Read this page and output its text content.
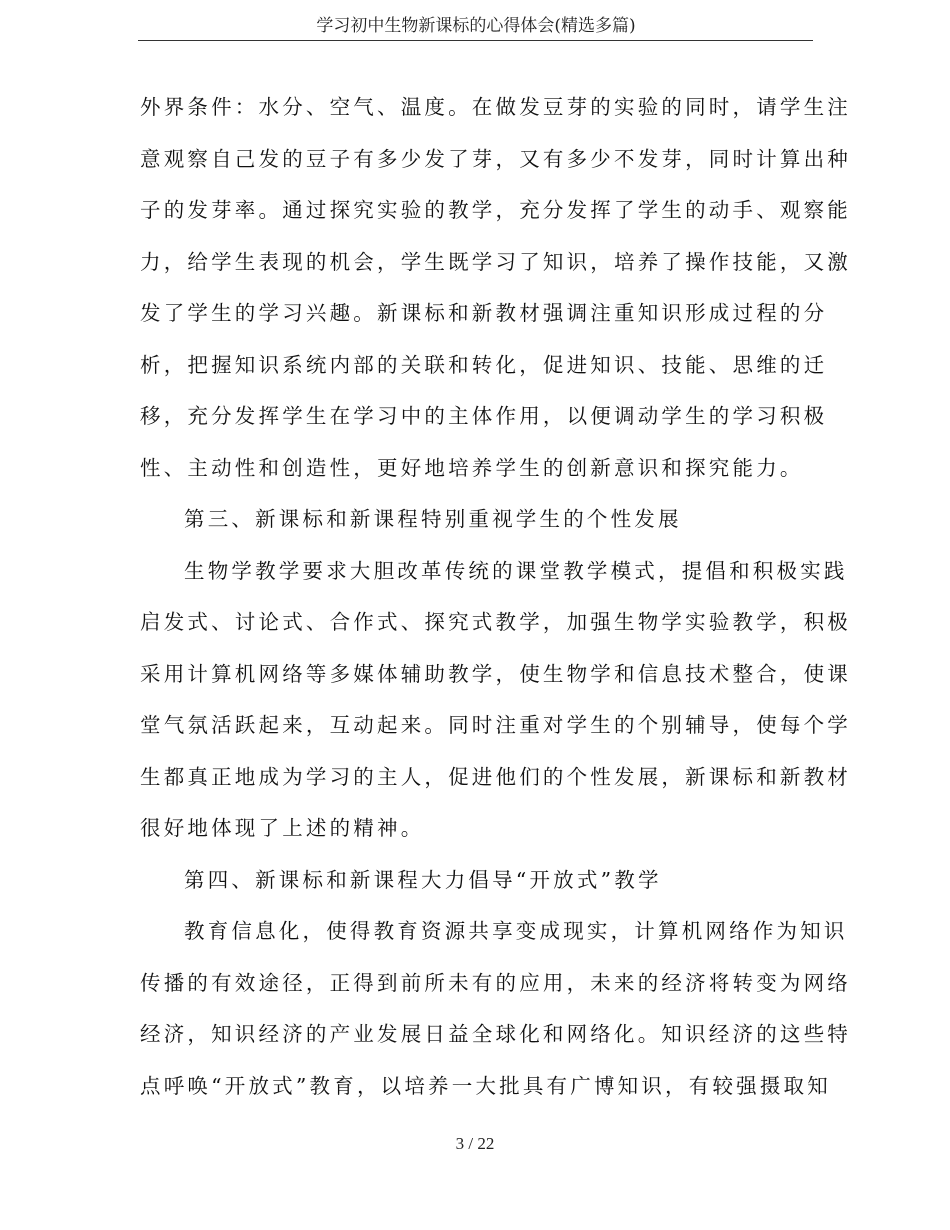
学习初中生物新课标的心得体会(精选多篇)
外界条件：水分、空气、温度。在做发豆芽的实验的同时，请学生注
意观察自己发的豆子有多少发了芽，又有多少不发芽，同时计算出种
子的发芽率。通过探究实验的教学，充分发挥了学生的动手、观察能
力，给学生表现的机会，学生既学习了知识，培养了操作技能，又激
发了学生的学习兴趣。新课标和新教材强调注重知识形成过程的分
析，把握知识系统内部的关联和转化，促进知识、技能、思维的迁
移，充分发挥学生在学习中的主体作用，以便调动学生的学习积极
性、主动性和创造性，更好地培养学生的创新意识和探究能力。
第三、新课标和新课程特别重视学生的个性发展
生物学教学要求大胆改革传统的课堂教学模式，提倡和积极实践
启发式、讨论式、合作式、探究式教学，加强生物学实验教学，积极
采用计算机网络等多媒体辅助教学，使生物学和信息技术整合，使课
堂气氛活跃起来，互动起来。同时注重对学生的个别辅导，使每个学
生都真正地成为学习的主人，促进他们的个性发展，新课标和新教材
很好地体现了上述的精神。
第四、新课标和新课程大力倡导“开放式”教学
教育信息化，使得教育资源共享变成现实，计算机网络作为知识
传播的有效途径，正得到前所未有的应用，未来的经济将转变为网络
经济，知识经济的产业发展日益全球化和网络化。知识经济的这些特
点呼唤“开放式”教育，以培养一大批具有广博知识，有较强摄取知
3 / 22
